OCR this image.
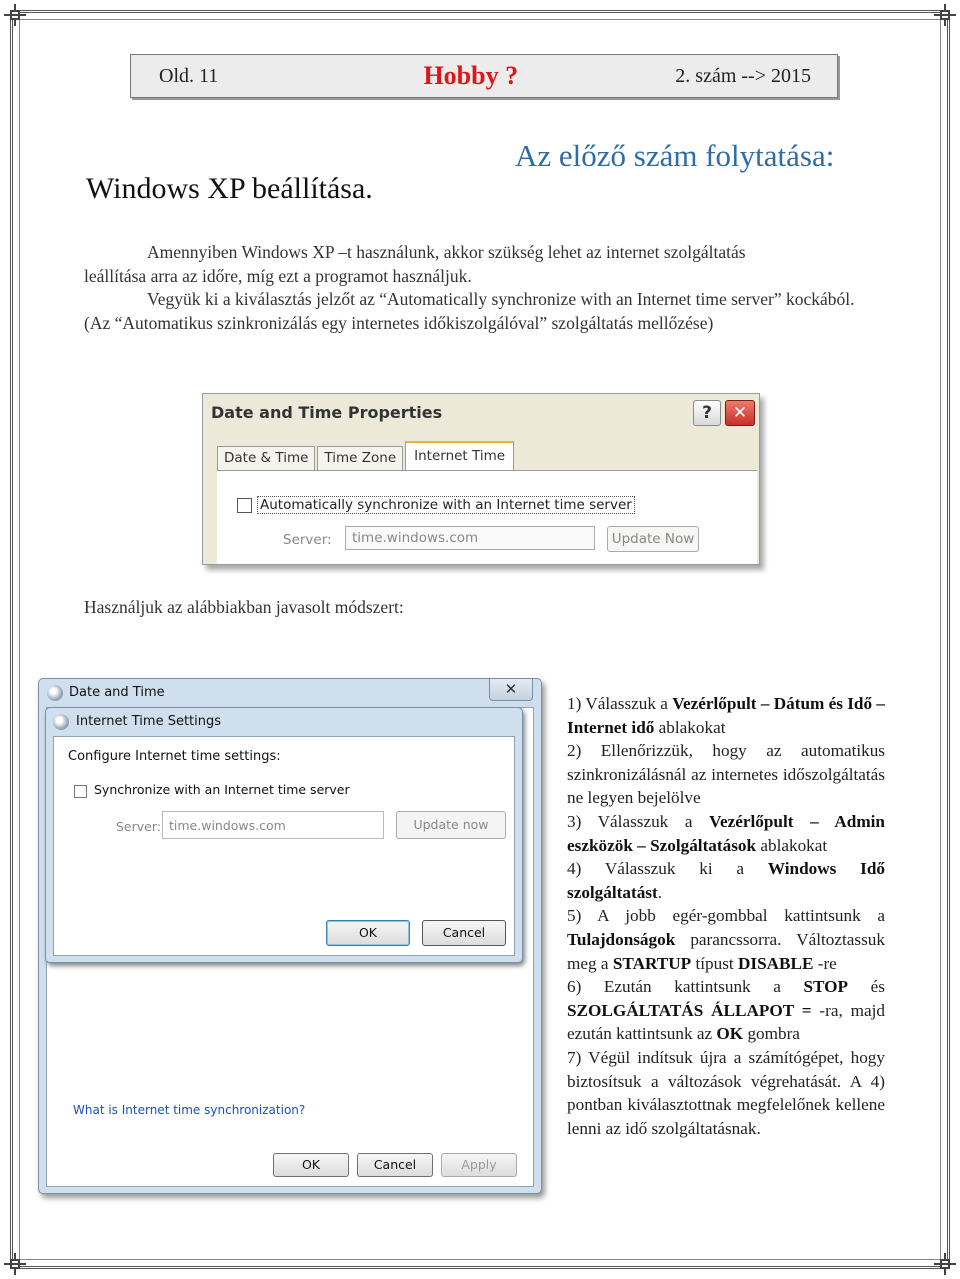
Old. 11	Hobby ?	2. szám --> 2015
Az előző szám folytatása:
Windows XP beállítása.

Amennyiben Windows XP –t használunk, akkor szükség lehet az internet szolgáltatás

leállítása arra az időre, míg ezt a programot használjuk.

Vegyük ki a kiválasztás jelzőt az “Automatically synchronize with an Internet time server” kockából. (Az “Automatikus szinkronizálás egy internetes időkiszolgálóval” szolgáltatás mellőzése)

Date and Time Properties	?	✕
Date & Time	Time Zone	Internet Time
Automatically synchronize with an Internet time server
Server:	time.windows.com	Update Now
Használjuk az alábbiakban javasolt módszert:
Date and Time	✕
What is Internet time synchronization?
OK	Cancel	Apply
Internet Time Settings
Configure Internet time settings:
Synchronize with an Internet time server
Server: time.windows.com	Update now
OK	Cancel

1) Válasszuk a Vezérlőpult – Dátum és Idő – Internet idő ablakokat

2) Ellenőrizzük, hogy az automatikus szinkronizálásnál az internetes időszolgáltatás ne legyen bejelölve

3) Válasszuk a Vezérlőpult – Admin eszközök – Szolgáltatások ablakokat

4) Válasszuk ki a Windows Idő szolgáltatást.

5) A jobb egér-gombbal kattintsunk a Tulajdonságok parancssorra. Változtassuk meg a STARTUP típust DISABLE -re

6) Ezután kattintsunk a STOP és SZOLGÁLTATÁS ÁLLAPOT = -ra, majd ezután kattintsunk az OK gombra

7) Végül indítsuk újra a számítógépet, hogy biztosítsuk a változások végrehatását. A 4) pontban kiválasztottnak megfelelőnek kellene lenni az idő szolgáltatásnak.
